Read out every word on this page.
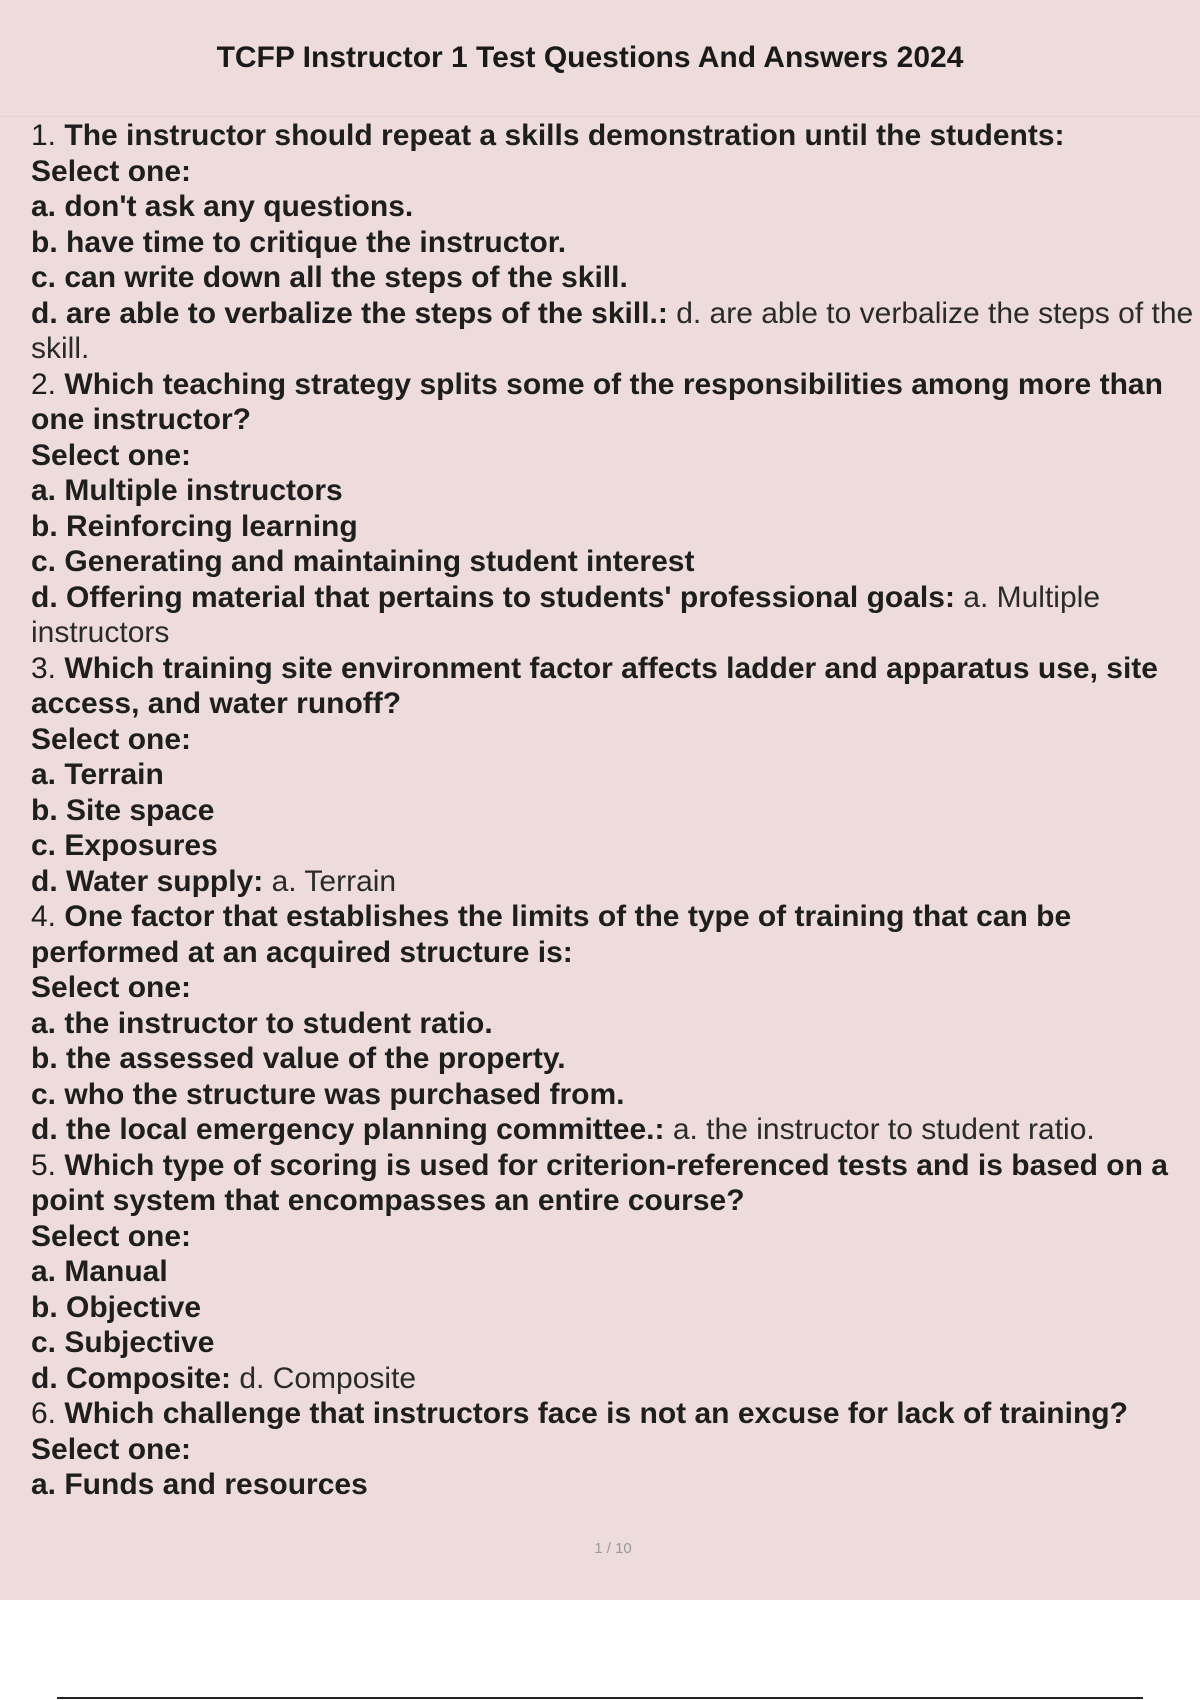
TCFP Instructor 1 Test Questions And Answers 2024
1. The instructor should repeat a skills demonstration until the students:
Select one:
a. don't ask any questions.
b. have time to critique the instructor.
c. can write down all the steps of the skill.
d. are able to verbalize the steps of the skill.: d. are able to verbalize the steps of the skill.
2. Which teaching strategy splits some of the responsibilities among more than one instructor?
Select one:
a. Multiple instructors
b. Reinforcing learning
c. Generating and maintaining student interest
d. Offering material that pertains to students' professional goals: a. Multiple instructors
3. Which training site environment factor affects ladder and apparatus use, site access, and water runoff?
Select one:
a. Terrain
b. Site space
c. Exposures
d. Water supply: a. Terrain
4. One factor that establishes the limits of the type of training that can be performed at an acquired structure is:
Select one:
a. the instructor to student ratio.
b. the assessed value of the property.
c. who the structure was purchased from.
d. the local emergency planning committee.: a. the instructor to student ratio.
5. Which type of scoring is used for criterion-referenced tests and is based on a point system that encompasses an entire course?
Select one:
a. Manual
b. Objective
c. Subjective
d. Composite: d. Composite
6. Which challenge that instructors face is not an excuse for lack of training?
Select one:
a. Funds and resources
1 / 10
